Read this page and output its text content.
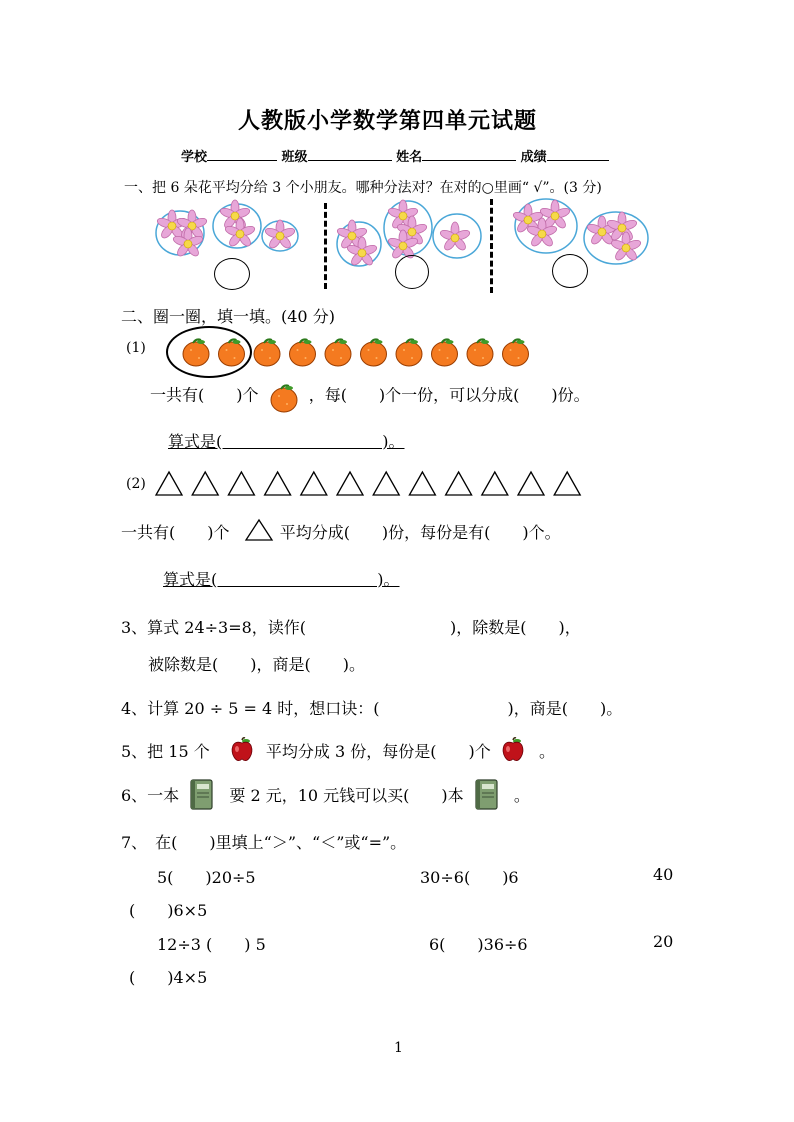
人教版小学数学第四单元试题
学校	班级	姓名	成绩
一、把 6 朵花平均分给 3 个小朋友。哪种分法对？在对的○里画“ √”。(3 分)
二、圈一圈，填一填。(40 分)
(1)
一共有(　　)个	，每(　　)个一份，可以分成(　　)份。
算式是(　　　　　　　　　　)。
(2)
一共有(　　)个	平均分成(　　)份，每份是有(　　)个。
算式是(　　　　　　　　　　)。
3、算式 24÷3=8，读作(　　　　　　　　　)，除数是(　　)，
被除数是(　　)，商是(　　)。
4、计算 20 ÷ 5 = 4 时，想口诀：(　　　　　　　　)，商是(　　)。
5、把 15 个	平均分成 3 份，每份是(　　)个	。
6、一本	要 2 元，10 元钱可以买(　　)本	。
7、　在(　　)里填上“＞”、“＜”或“=”。
5(　　)20÷5	30÷6(　　)6	40
(　　)6×5
12÷3 (　　) 5	6(　　)36÷6	20
(　　)4×5
1
